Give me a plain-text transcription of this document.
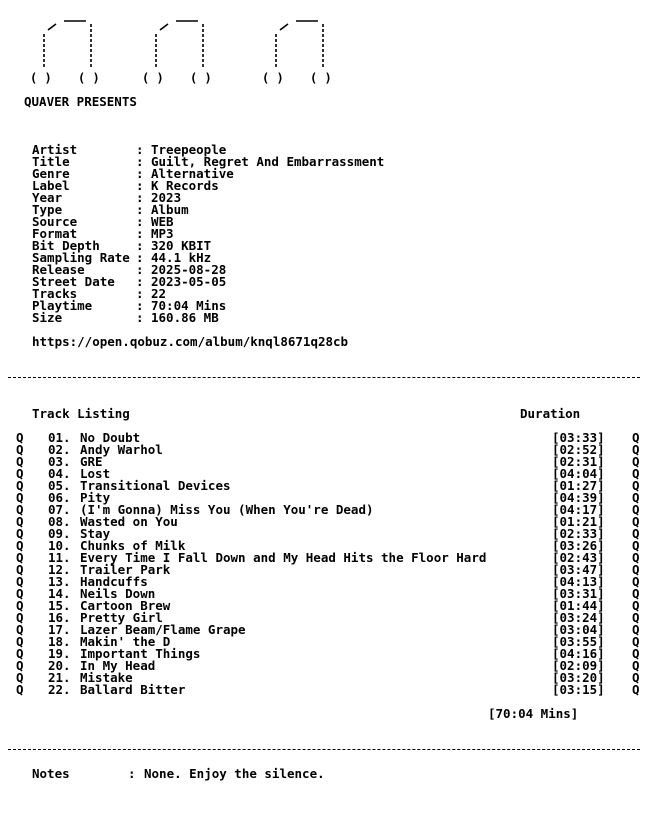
( ) ( )	( ) ( )	( ) ( )
QUAVER PRESENTS
Artist	: Treepeople
Title	: Guilt, Regret And Embarrassment
Genre	: Alternative
Label	: K Records
Year	: 2023
Type	: Album
Source	: WEB
Format	: MP3
Bit Depth	: 320 KBIT
Sampling Rate : 44.1 kHz
Release	: 2025-08-28
Street Date : 2023-05-05
Tracks	: 22
Playtime	: 70:04 Mins
Size	: 160.86 MB
https://open.qobuz.com/album/knql8671q28cb
Track Listing	Duration
Q 01. No Doubt	[03:33] Q
Q 02. Andy Warhol	[02:52] Q
Q 03. GRE	[02:31] Q
Q 04. Lost	[04:04] Q
Q 05. Transitional Devices	[01:27] Q
Q 06. Pity	[04:39] Q
Q 07. (I'm Gonna) Miss You (When You're Dead)	[04:17] Q
Q 08. Wasted on You	[01:21] Q
Q 09. Stay	[02:33] Q
Q 10. Chunks of Milk	[03:26] Q
Q 11. Every Time I Fall Down and My Head Hits the Floor Hard	[02:43] Q
Q 12. Trailer Park	[03:47] Q
Q 13. Handcuffs	[04:13] Q
Q 14. Neils Down	[03:31] Q
Q 15. Cartoon Brew	[01:44] Q
Q 16. Pretty Girl	[03:24] Q
Q 17. Lazer Beam/Flame Grape	[03:04] Q
Q 18. Makin' the D	[03:55] Q
Q 19. Important Things	[04:16] Q
Q 20. In My Head	[02:09] Q
Q 21. Mistake	[03:20] Q
Q 22. Ballard Bitter	[03:15] Q
[70:04 Mins]
Notes	: None. Enjoy the silence.
